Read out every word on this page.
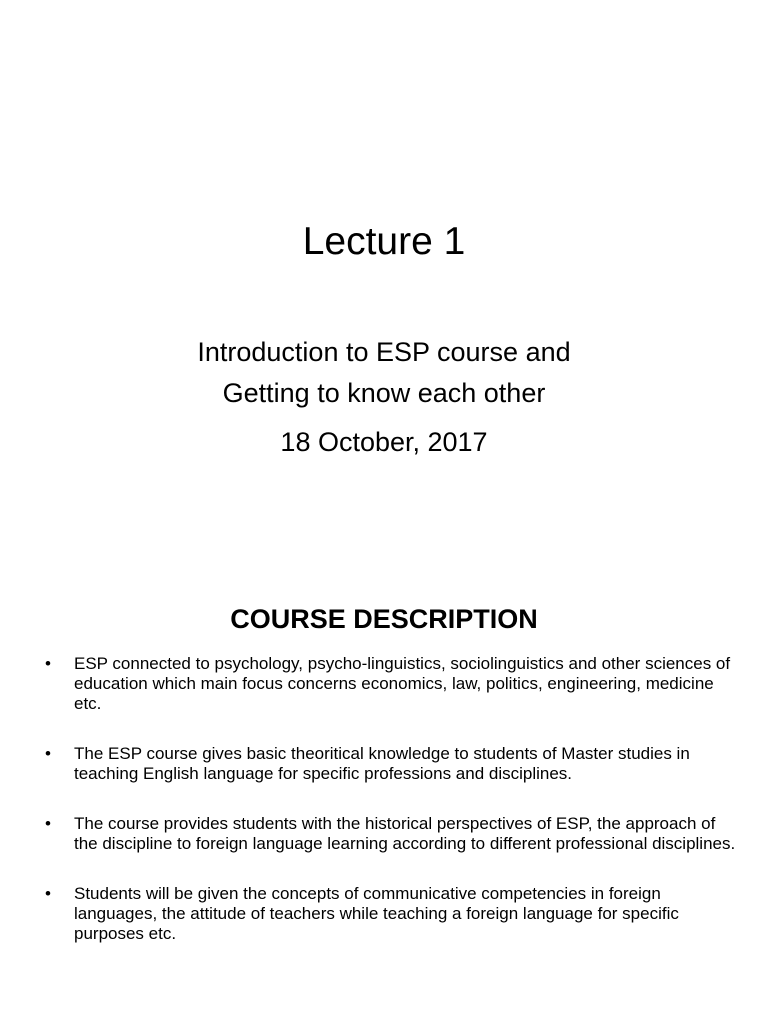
Lecture 1
Introduction to ESP course and
Getting to know each other
18 October, 2017
COURSE DESCRIPTION
• ESP connected to psychology, psycho-linguistics, sociolinguistics and other sciences of education which main focus concerns economics, law, politics, engineering, medicine etc.
• The ESP course gives basic theoritical knowledge to students of Master studies in teaching English language for specific professions and disciplines.
• The course provides students with the historical perspectives of ESP, the approach of the discipline to foreign language learning according to different professional disciplines.
• Students will be given the concepts of communicative competencies in foreign languages, the attitude of teachers while teaching a foreign language for specific purposes etc.
